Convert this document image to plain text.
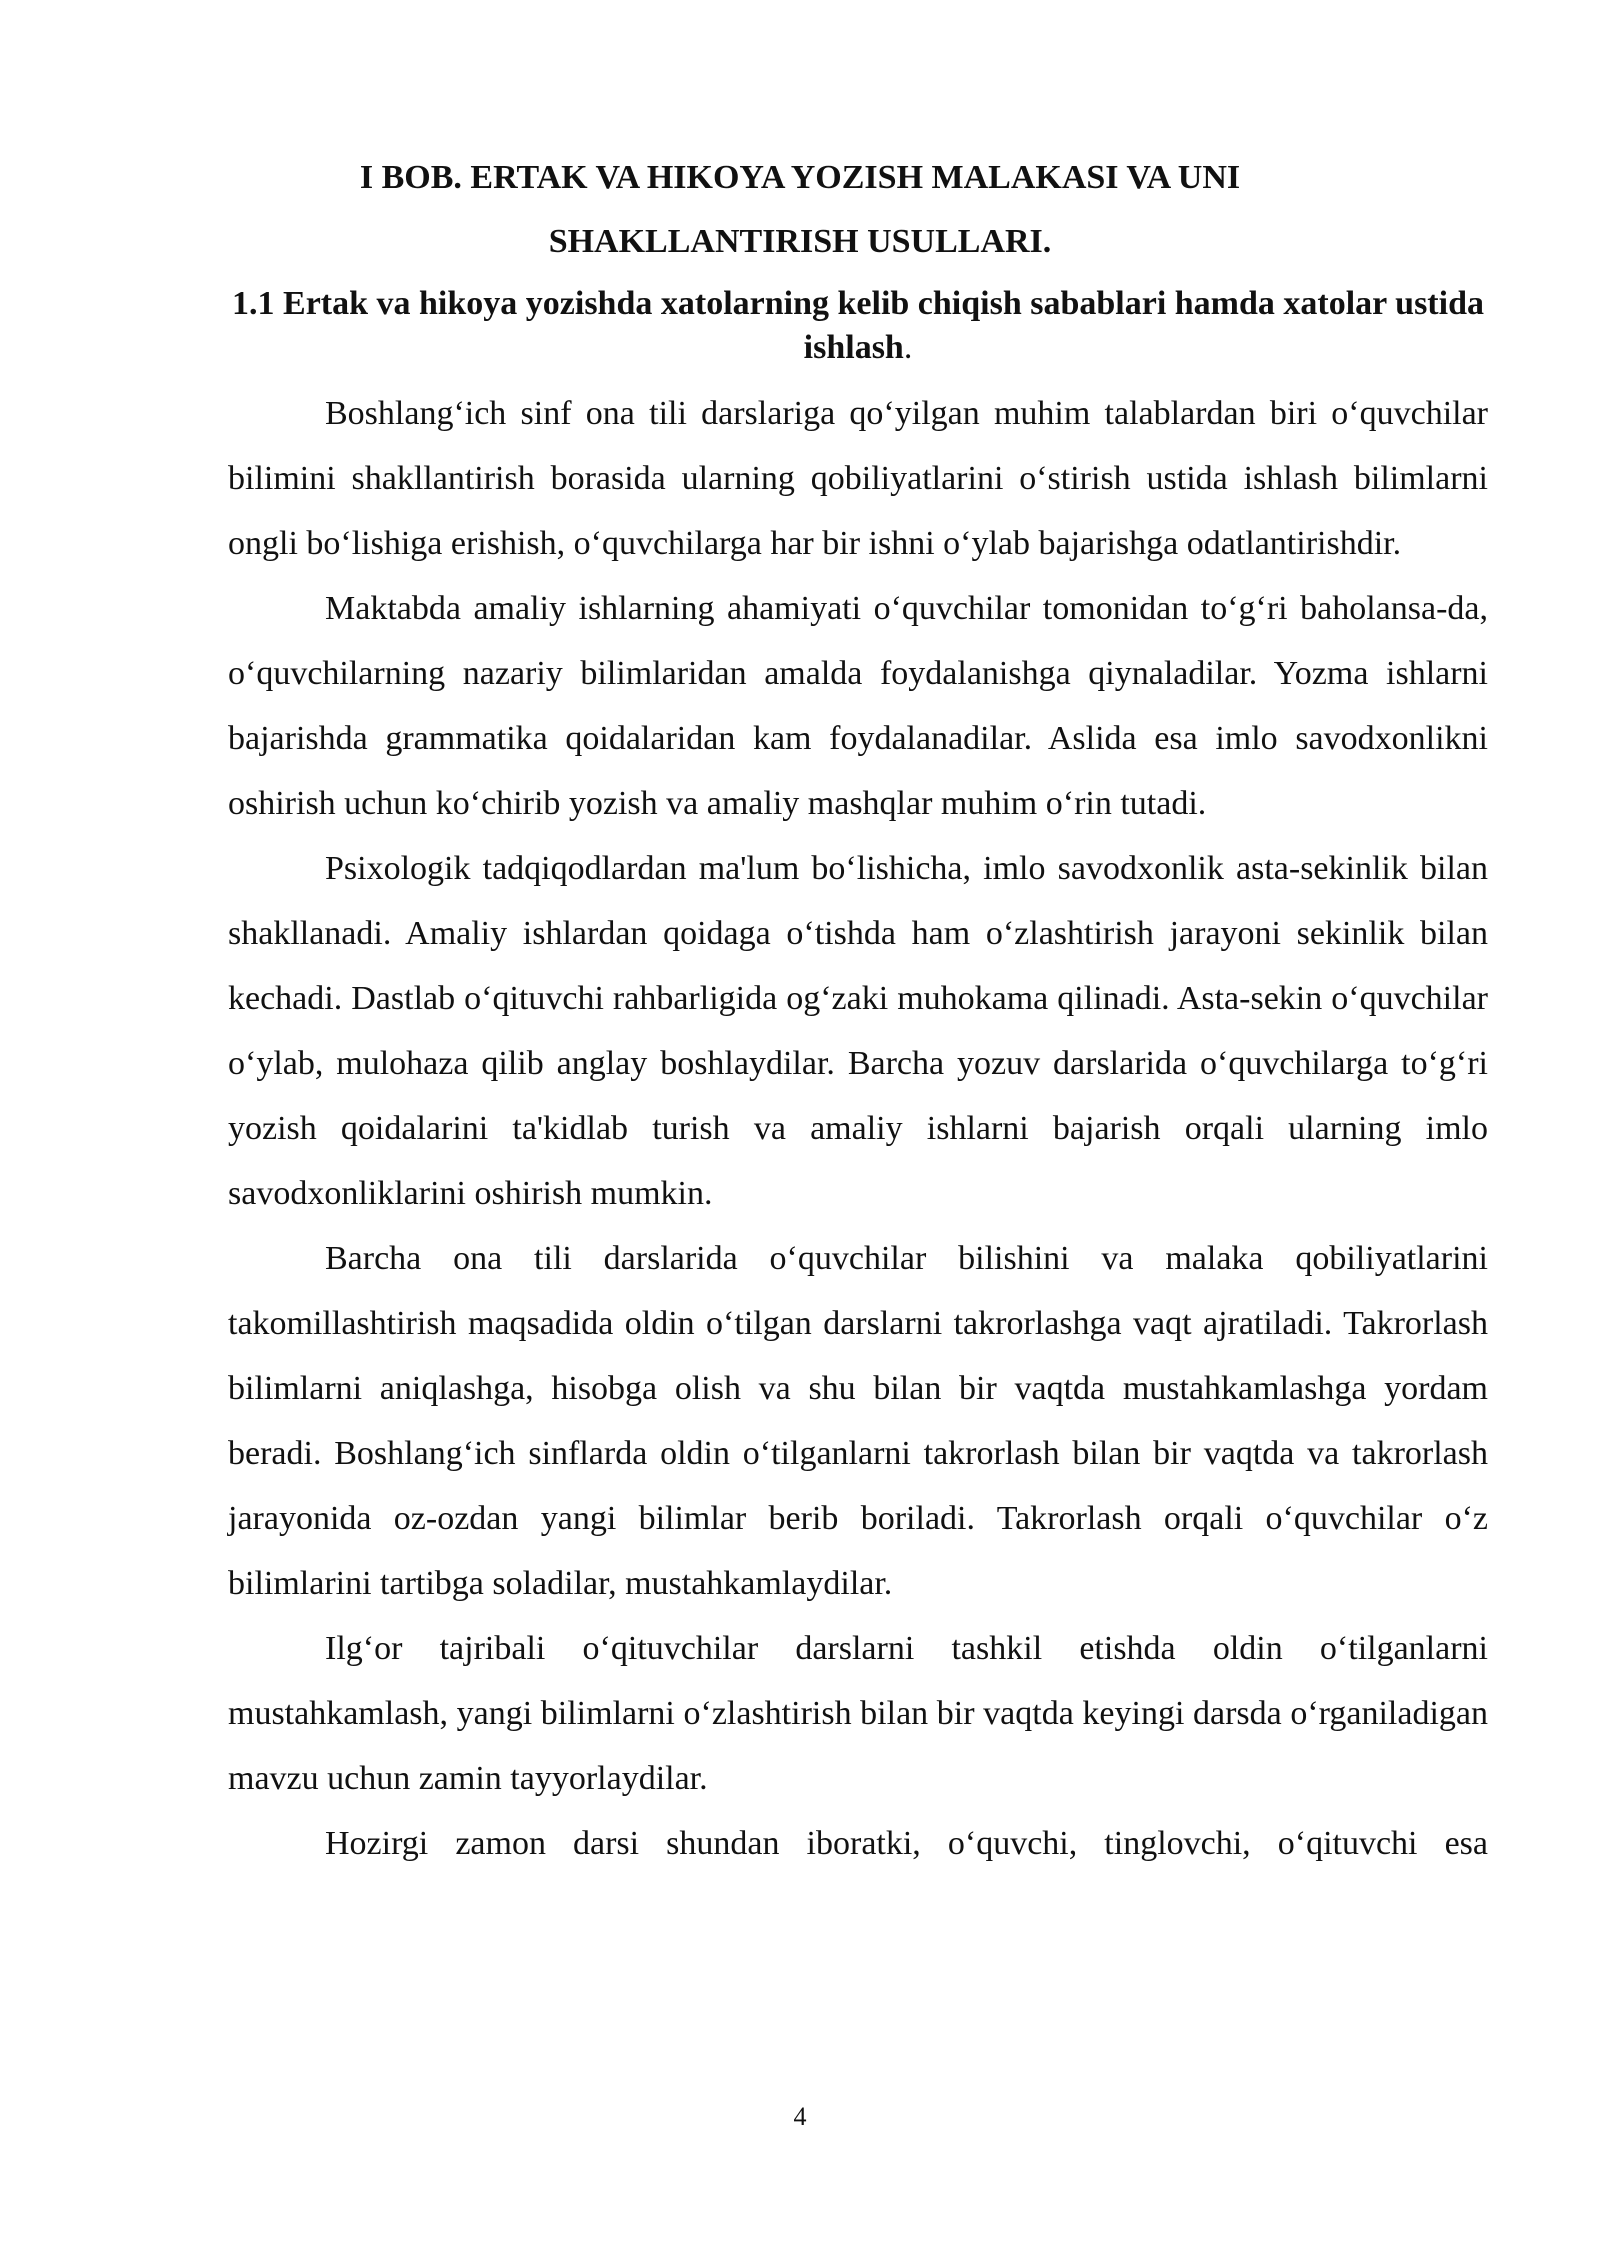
I BOB. ERTAK VA HIKOYA YOZISH MALAKASI VA UNI
SHAKLLANTIRISH USULLARI.
1.1 Ertak va hikoya yozishda xatolarning kelib chiqish sabablari hamda xatolar ustida ishlash.

Boshlang‘ich sinf ona tili darslariga qo‘yilgan muhim talablardan biri o‘quvchilar bilimini shakllantirish borasida ularning qobiliyatlarini o‘stirish ustida ishlash bilimlarni ongli bo‘lishiga erishish, o‘quvchilarga har bir ishni o‘ylab bajarishga odatlantirishdir.

Maktabda amaliy ishlarning ahamiyati o‘quvchilar tomonidan to‘g‘ri baholansa-da, o‘quvchilarning nazariy bilimlaridan amalda foydalanishga qiynaladilar. Yozma ishlarni bajarishda grammatika qoidalaridan kam foydalanadilar. Aslida esa imlo savodxonlikni oshirish uchun ko‘chirib yozish va amaliy mashqlar muhim o‘rin tutadi.

Psixologik tadqiqodlardan ma'lum bo‘lishicha, imlo savodxonlik asta-sekinlik bilan shakllanadi. Amaliy ishlardan qoidaga o‘tishda ham o‘zlashtirish jarayoni sekinlik bilan kechadi. Dastlab o‘qituvchi rahbarligida og‘zaki muhokama qilinadi. Asta-sekin o‘quvchilar o‘ylab, mulohaza qilib anglay boshlaydilar. Barcha yozuv darslarida o‘quvchilarga to‘g‘ri yozish qoidalarini ta'kidlab turish va amaliy ishlarni bajarish orqali ularning imlo savodxonliklarini oshirish mumkin.

Barcha ona tili darslarida o‘quvchilar bilishini va malaka qobiliyatlarini takomillashtirish maqsadida oldin o‘tilgan darslarni takrorlashga vaqt ajratiladi. Takrorlash bilimlarni aniqlashga, hisobga olish va shu bilan bir vaqtda mustahkamlashga yordam beradi. Boshlang‘ich sinflarda oldin o‘tilganlarni takrorlash bilan bir vaqtda va takrorlash jarayonida oz-ozdan yangi bilimlar berib boriladi. Takrorlash orqali o‘quvchilar o‘z bilimlarini tartibga soladilar, mustahkamlaydilar.

Ilg‘or tajribali o‘qituvchilar darslarni tashkil etishda oldin o‘tilganlarni mustahkamlash, yangi bilimlarni o‘zlashtirish bilan bir vaqtda keyingi darsda o‘rganiladigan mavzu uchun zamin tayyorlaydilar.

Hozirgi zamon darsi shundan iboratki, o‘quvchi, tinglovchi, o‘qituvchi esa

4
